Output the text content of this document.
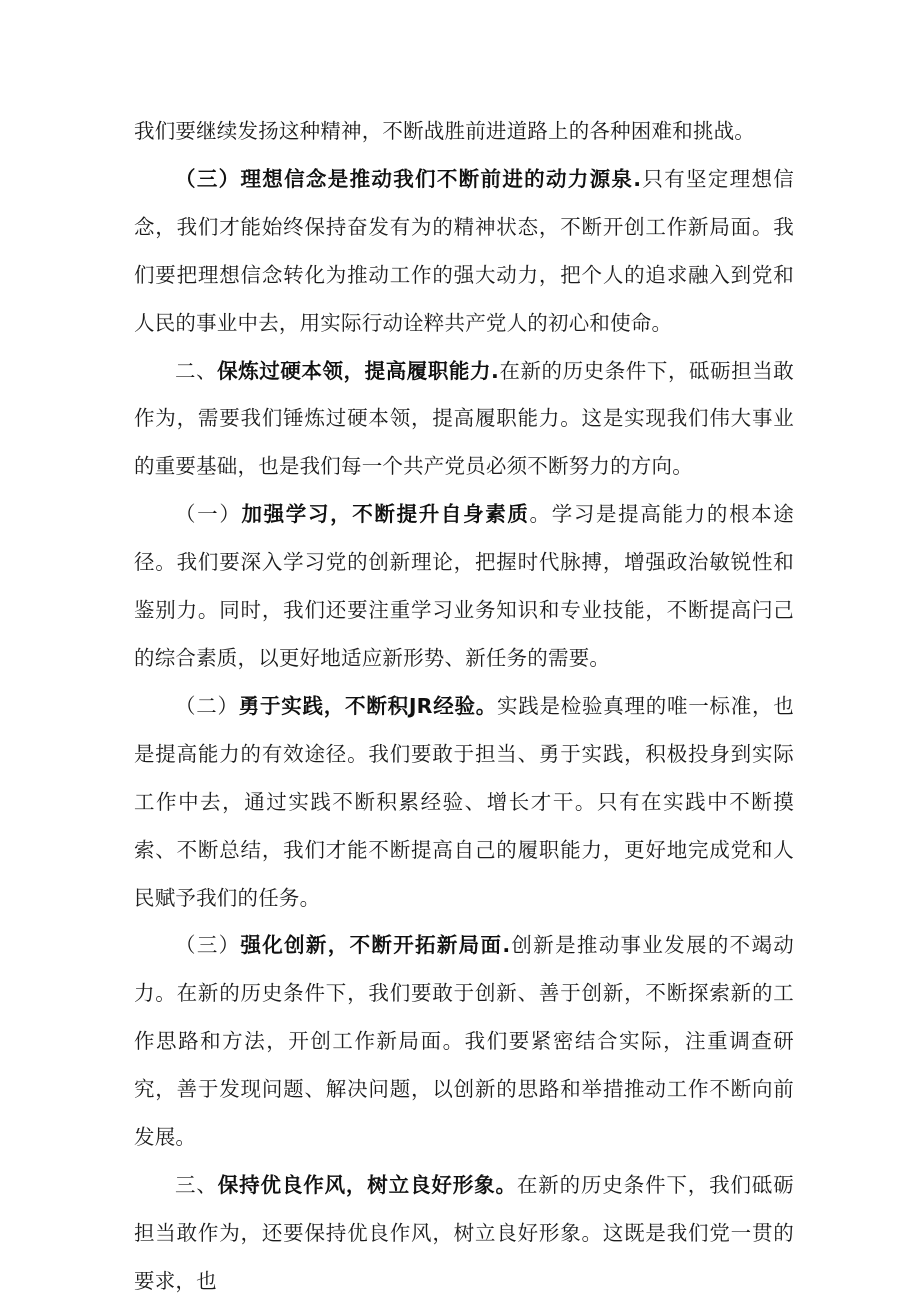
我们要继续发扬这种精神，不断战胜前进道路上的各种困难和挑战。

（三）理想信念是推动我们不断前进的动力源泉.只有坚定理想信念，我们才能始终保持奋发有为的精神状态，不断开创工作新局面。我们要把理想信念转化为推动工作的强大动力，把个人的追求融入到党和人民的事业中去，用实际行动诠粹共产党人的初心和使命。

二、保炼过硬本领，提高履职能力.在新的历史条件下，砥砺担当敢作为，需要我们锤炼过硬本领，提高履职能力。这是实现我们伟大事业的重要基础，也是我们每一个共产党员必须不断努力的方向。

（一）加强学习，不断提升自身素质。学习是提高能力的根本途径。我们要深入学习党的创新理论，把握时代脉搏，增强政治敏锐性和鉴别力。同时，我们还要注重学习业务知识和专业技能，不断提高闩己的综合素质，以更好地适应新形势、新任务的需要。

（二）勇于实践，不断积JR经验。实践是检验真理的唯一标准，也是提高能力的有效途径。我们要敢于担当、勇于实践，积极投身到实际工作中去，通过实践不断积累经验、增长才干。只有在实践中不断摸索、不断总结，我们才能不断提高自己的履职能力，更好地完成党和人民赋予我们的任务。

（三）强化创新，不断开拓新局面.创新是推动事业发展的不竭动力。在新的历史条件下，我们要敢于创新、善于创新，不断探索新的工作思路和方法，开创工作新局面。我们要紧密结合实际，注重调查研究，善于发现问题、解决问题，以创新的思路和举措推动工作不断向前发展。

三、保持优良作风，树立良好形象。在新的历史条件下，我们砥砺担当敢作为，还要保持优良作风，树立良好形象。这既是我们党一贯的要求，也
